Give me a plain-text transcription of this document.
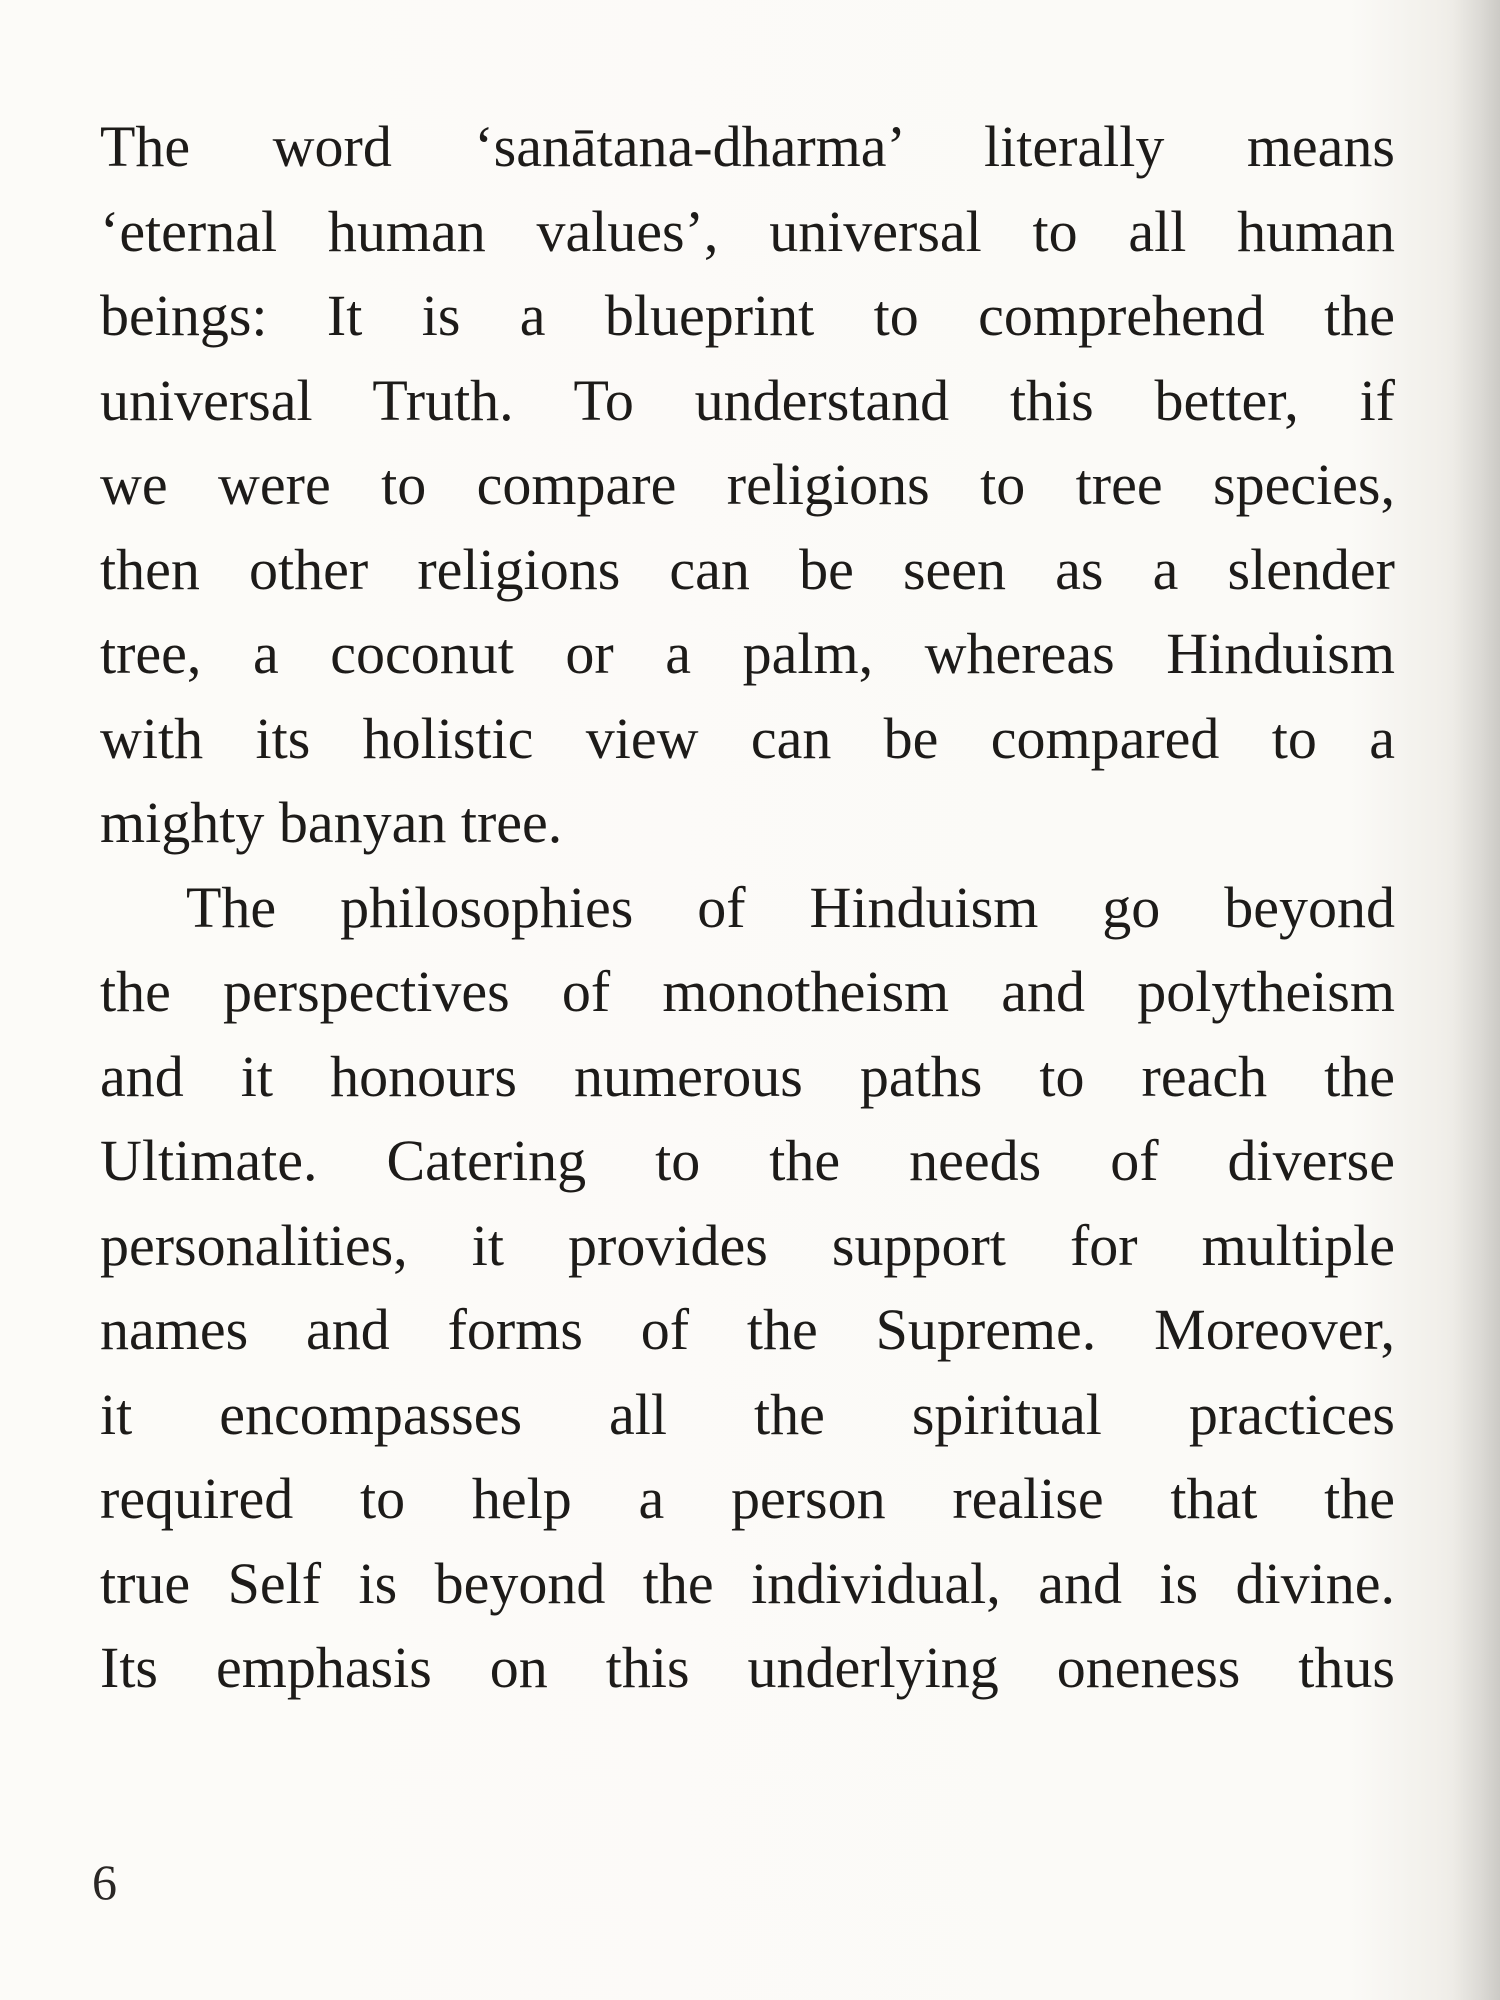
The word ‘sanātana-dharma’ literally means
‘eternal human values’, universal to all human
beings: It is a blueprint to comprehend the
universal Truth. To understand this better, if
we were to compare religions to tree species,
then other religions can be seen as a slender
tree, a coconut or a palm, whereas Hinduism
with its holistic view can be compared to a
mighty banyan tree.

The philosophies of Hinduism go beyond
the perspectives of monotheism and polytheism
and it honours numerous paths to reach the
Ultimate. Catering to the needs of diverse
personalities, it provides support for multiple
names and forms of the Supreme. Moreover,
it encompasses all the spiritual practices
required to help a person realise that the
true Self is beyond the individual, and is divine.
Its emphasis on this underlying oneness thus

6
